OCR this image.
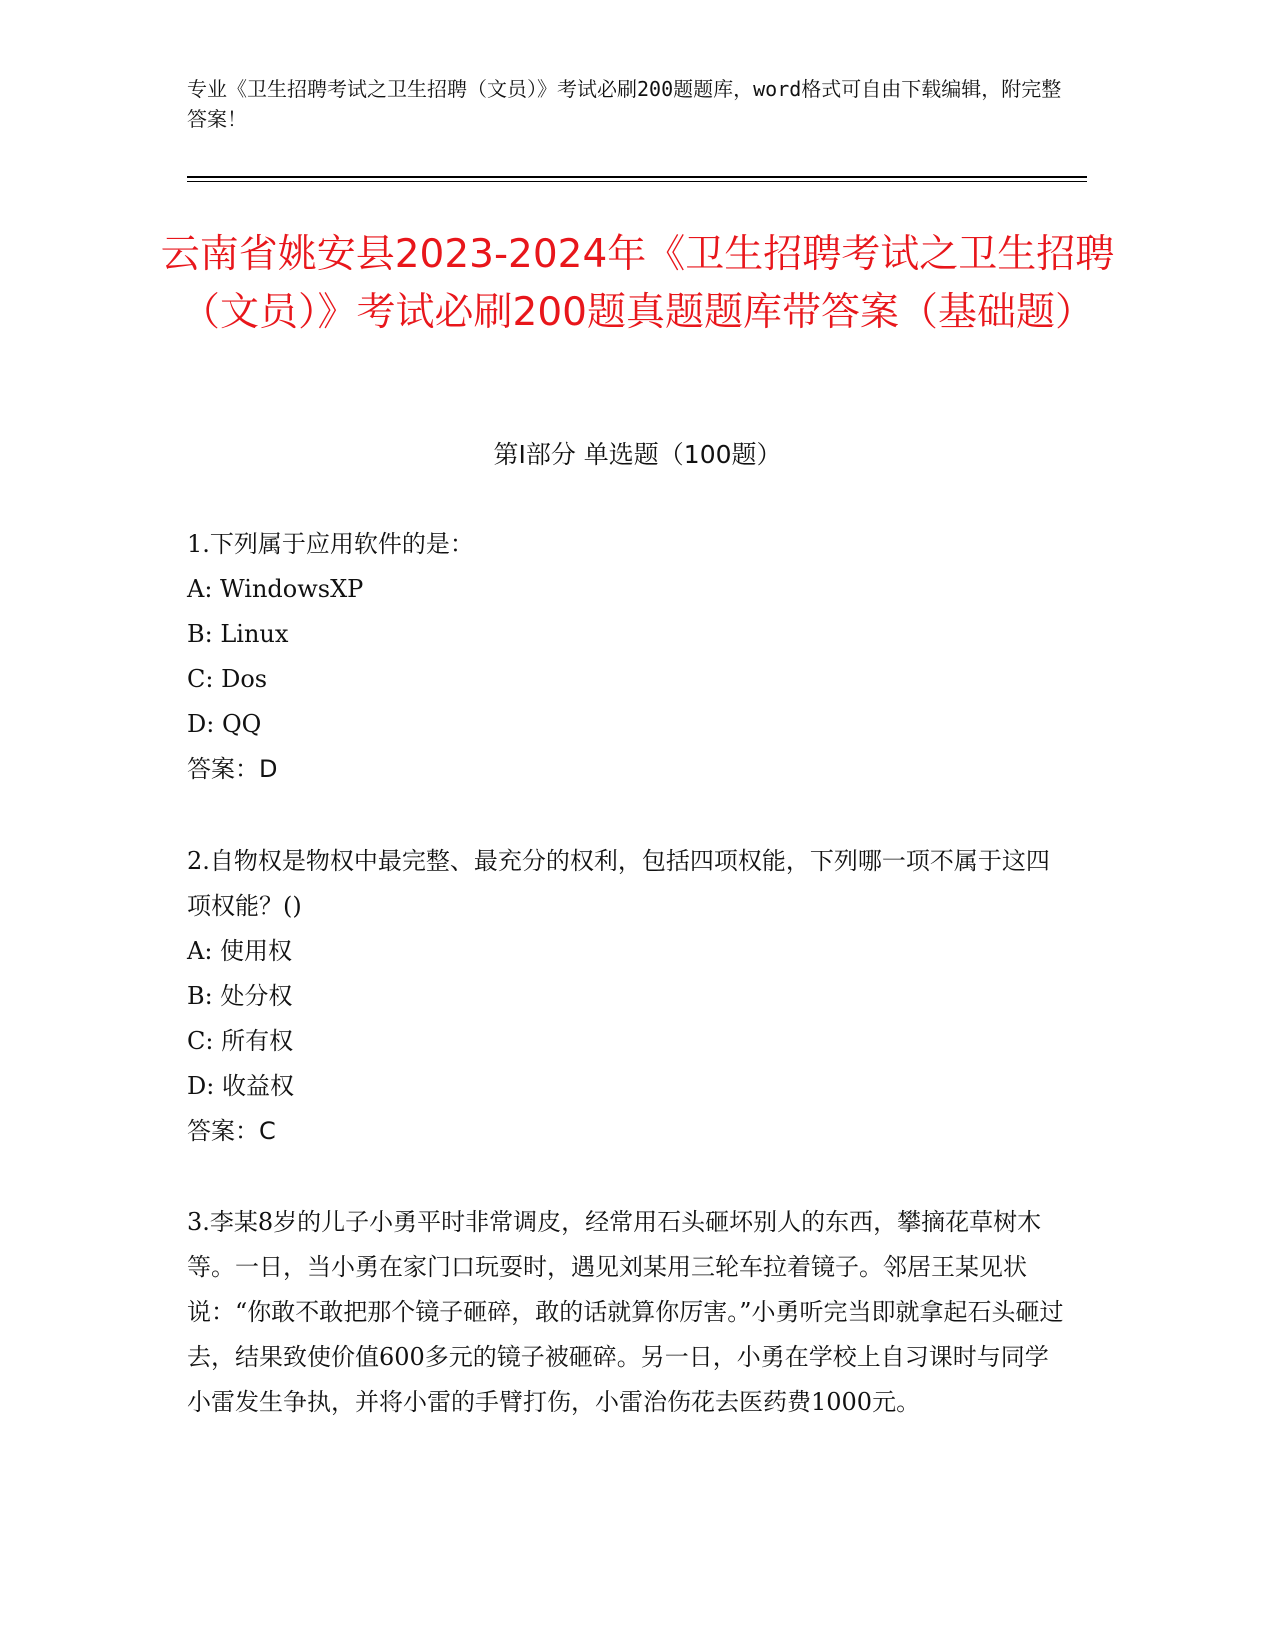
专业《卫生招聘考试之卫生招聘（文员）》考试必刷200题题库，word格式可自由下载编辑，附完整答案！
云南省姚安县2023-2024年《卫生招聘考试之卫生招聘（文员）》考试必刷200题真题题库带答案（基础题）
第Ⅰ部分 单选题（100题）

1.下列属于应用软件的是：

A: WindowsXP

B: Linux

C: Dos

D: QQ

答案：D

2.自物权是物权中最完整、最充分的权利，包括四项权能，下列哪一项不属于这四项权能？()

A: 使用权

B: 处分权

C: 所有权

D: 收益权

答案：C

3.李某8岁的儿子小勇平时非常调皮，经常用石头砸坏别人的东西，攀摘花草树木等。一日，当小勇在家门口玩耍时，遇见刘某用三轮车拉着镜子。邻居王某见状说：“你敢不敢把那个镜子砸碎，敢的话就算你厉害。”小勇听完当即就拿起石头砸过去，结果致使价值600多元的镜子被砸碎。另一日，小勇在学校上自习课时与同学小雷发生争执，并将小雷的手臂打伤，小雷治伤花去医药费1000元。
